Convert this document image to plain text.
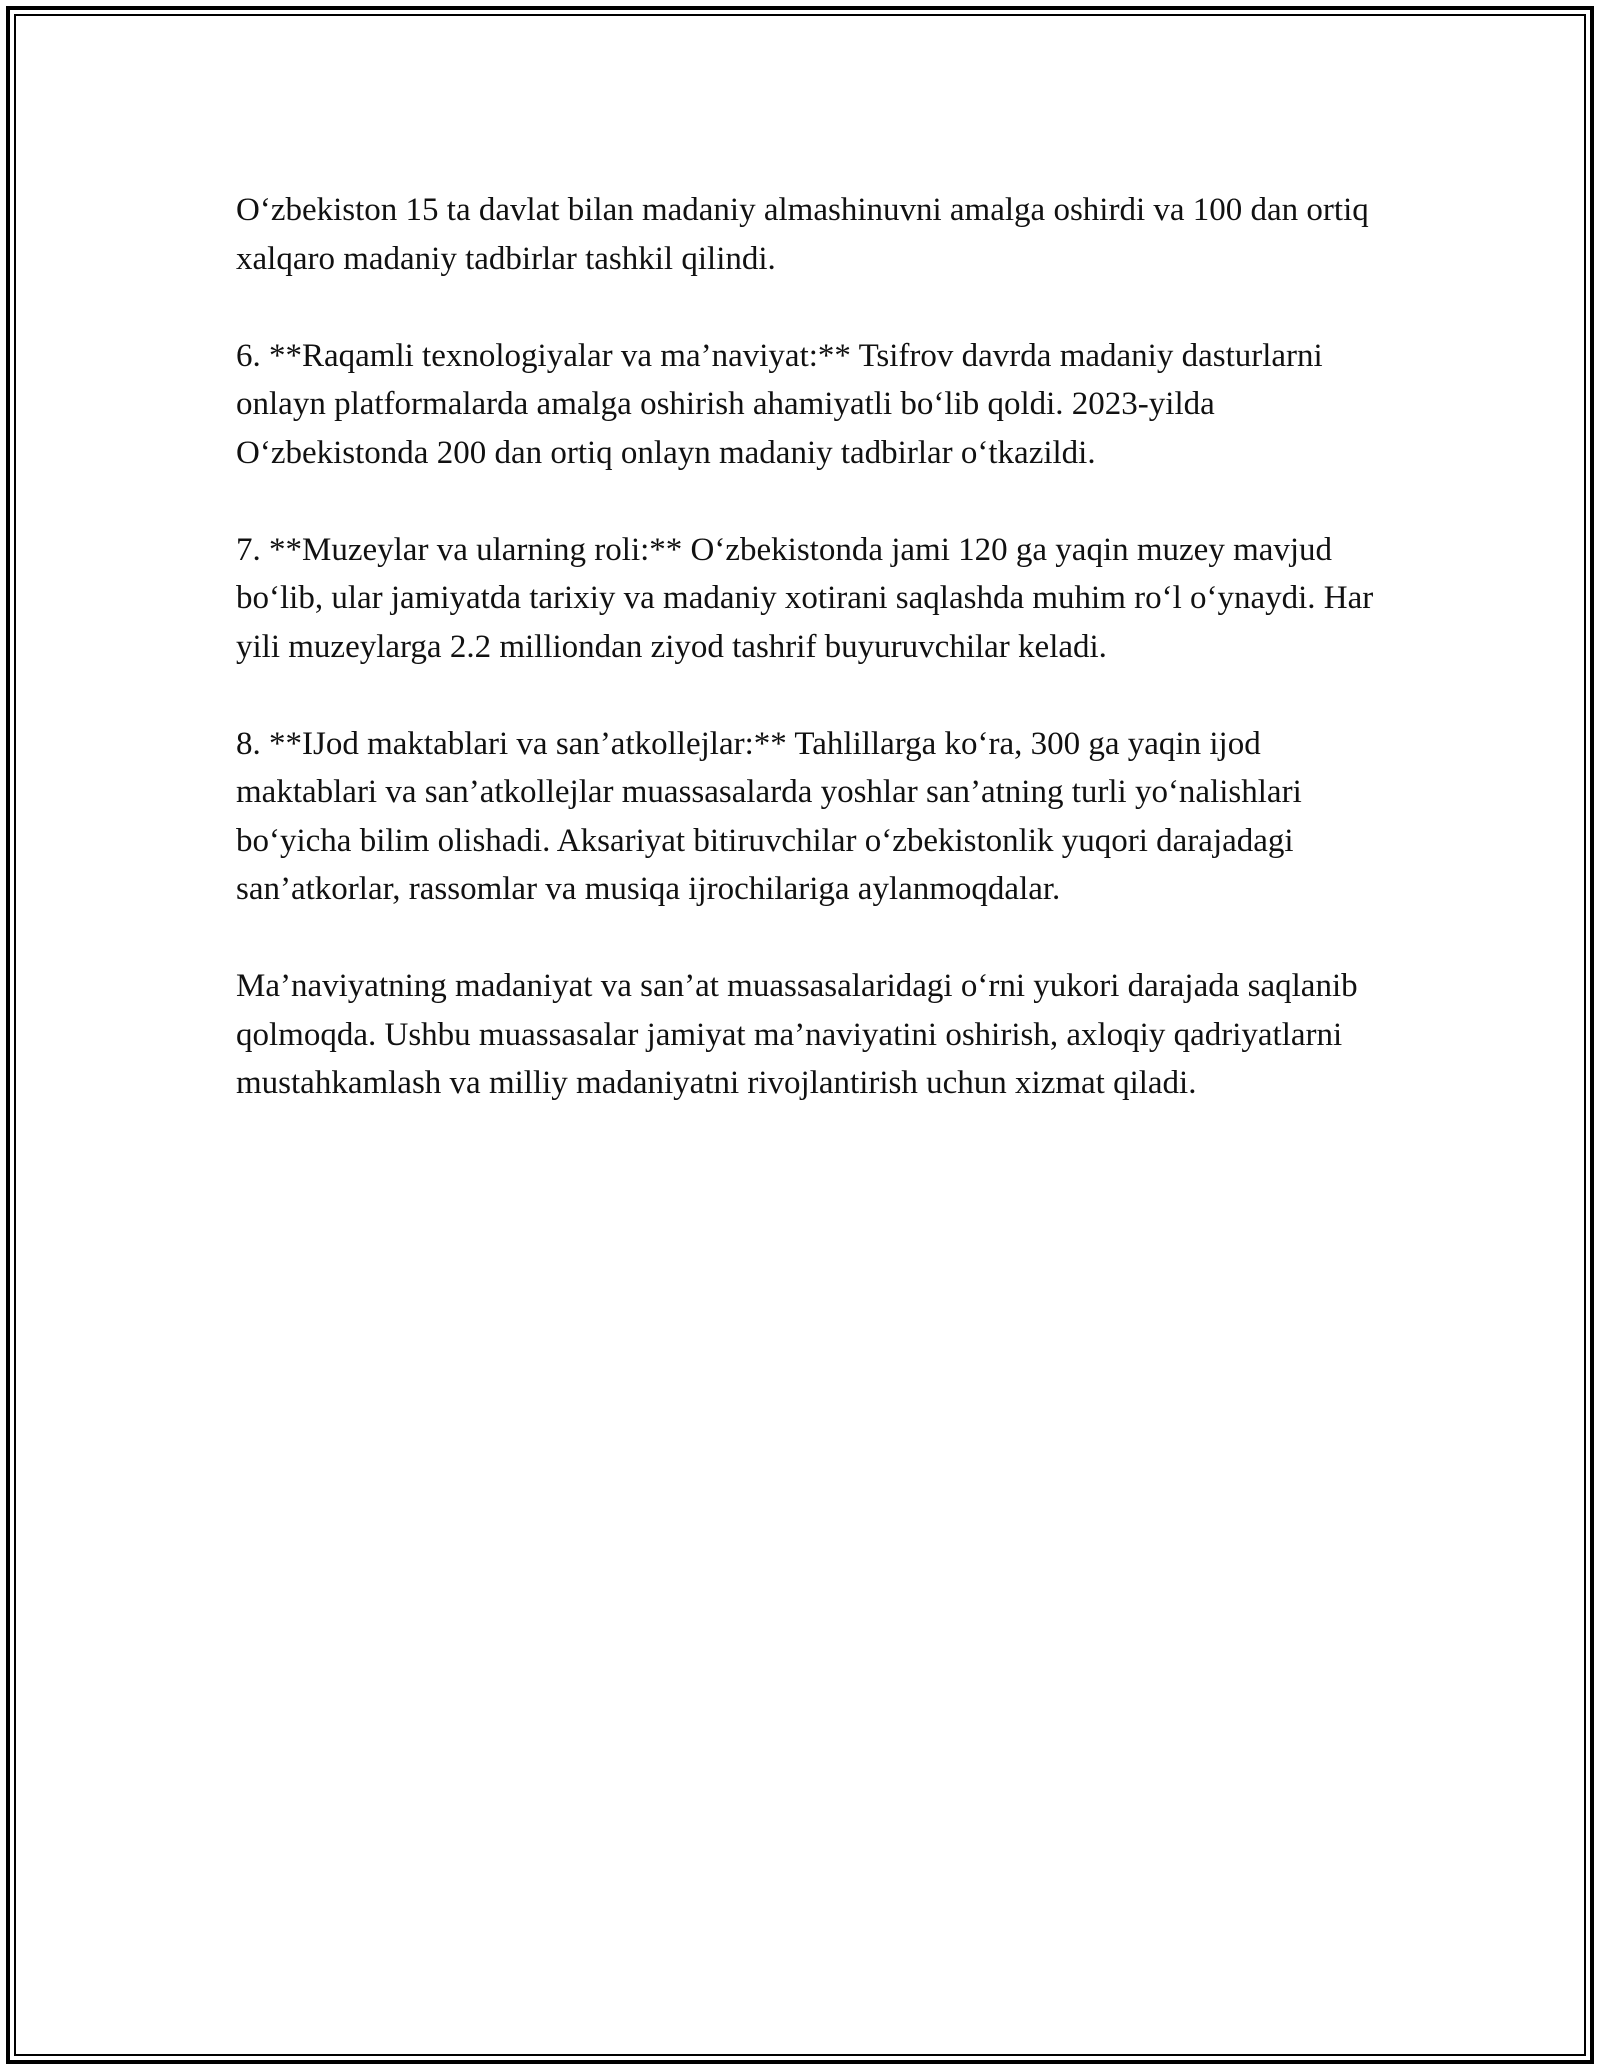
O‘zbekiston 15 ta davlat bilan madaniy almashinuvni amalga oshirdi va 100 dan ortiq xalqaro madaniy tadbirlar tashkil qilindi.

6. **Raqamli texnologiyalar va ma’naviyat:** Tsifrov davrda madaniy dasturlarni onlayn platformalarda amalga oshirish ahamiyatli bo‘lib qoldi. 2023-yilda O‘zbekistonda 200 dan ortiq onlayn madaniy tadbirlar o‘tkazildi.

7. **Muzeylar va ularning roli:** O‘zbekistonda jami 120 ga yaqin muzey mavjud bo‘lib, ular jamiyatda tarixiy va madaniy xotirani saqlashda muhim ro‘l o‘ynaydi. Har yili muzeylarga 2.2 milliondan ziyod tashrif buyuruvchilar keladi.

8. **IJod maktablari va san’atkollejlar:** Tahlillarga ko‘ra, 300 ga yaqin ijod maktablari va san’atkollejlar muassasalarda yoshlar san’atning turli yo‘nalishlari bo‘yicha bilim olishadi. Aksariyat bitiruvchilar o‘zbekistonlik yuqori darajadagi san’atkorlar, rassomlar va musiqa ijrochilariga aylanmoqdalar.

Ma’naviyatning madaniyat va san’at muassasalaridagi o‘rni yukori darajada saqlanib qolmoqda. Ushbu muassasalar jamiyat ma’naviyatini oshirish, axloqiy qadriyatlarni mustahkamlash va milliy madaniyatni rivojlantirish uchun xizmat qiladi.
